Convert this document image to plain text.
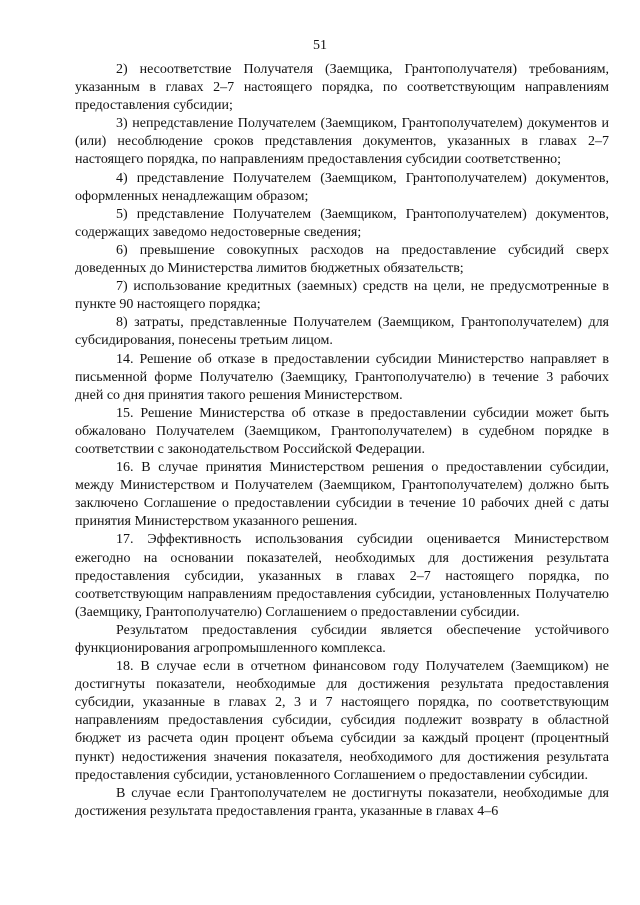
51

2) несоответствие Получателя (Заемщика, Грантополучателя) требованиям, указанным в главах 2–7 настоящего порядка, по соответствующим направлениям предоставления субсидии;

3) непредставление Получателем (Заемщиком, Грантополучателем) документов и (или) несоблюдение сроков представления документов, указанных в главах 2–7 настоящего порядка, по направлениям предоставления субсидии соответственно;

4) представление Получателем (Заемщиком, Грантополучателем) документов, оформленных ненадлежащим образом;

5) представление Получателем (Заемщиком, Грантополучателем) документов, содержащих заведомо недостоверные сведения;

6) превышение совокупных расходов на предоставление субсидий сверх доведенных до Министерства лимитов бюджетных обязательств;

7) использование кредитных (заемных) средств на цели, не предусмотренные в пункте 90 настоящего порядка;

8) затраты, представленные Получателем (Заемщиком, Грантополучателем) для субсидирования, понесены третьим лицом.

14. Решение об отказе в предоставлении субсидии Министерство направляет в письменной форме Получателю (Заемщику, Грантополучателю) в течение 3 рабочих дней со дня принятия такого решения Министерством.

15. Решение Министерства об отказе в предоставлении субсидии может быть обжаловано Получателем (Заемщиком, Грантополучателем) в судебном порядке в соответствии с законодательством Российской Федерации.

16. В случае принятия Министерством решения о предоставлении субсидии, между Министерством и Получателем (Заемщиком, Грантополучателем) должно быть заключено Соглашение о предоставлении субсидии в течение 10 рабочих дней с даты принятия Министерством указанного решения.

17. Эффективность использования субсидии оценивается Министерством ежегодно на основании показателей, необходимых для достижения результата предоставления субсидии, указанных в главах 2–7 настоящего порядка, по соответствующим направлениям предоставления субсидии, установленных Получателю (Заемщику, Грантополучателю) Соглашением о предоставлении субсидии.

Результатом предоставления субсидии является обеспечение устойчивого функционирования агропромышленного комплекса.

18. В случае если в отчетном финансовом году Получателем (Заемщиком) не достигнуты показатели, необходимые для достижения результата предоставления субсидии, указанные в главах 2, 3 и 7 настоящего порядка, по соответствующим направлениям предоставления субсидии, субсидия подлежит возврату в областной бюджет из расчета один процент объема субсидии за каждый процент (процентный пункт) недостижения значения показателя, необходимого для достижения результата предоставления субсидии, установленного Соглашением о предоставлении субсидии.

В случае если Грантополучателем не достигнуты показатели, необходимые для достижения результата предоставления гранта, указанные в главах 4–6
